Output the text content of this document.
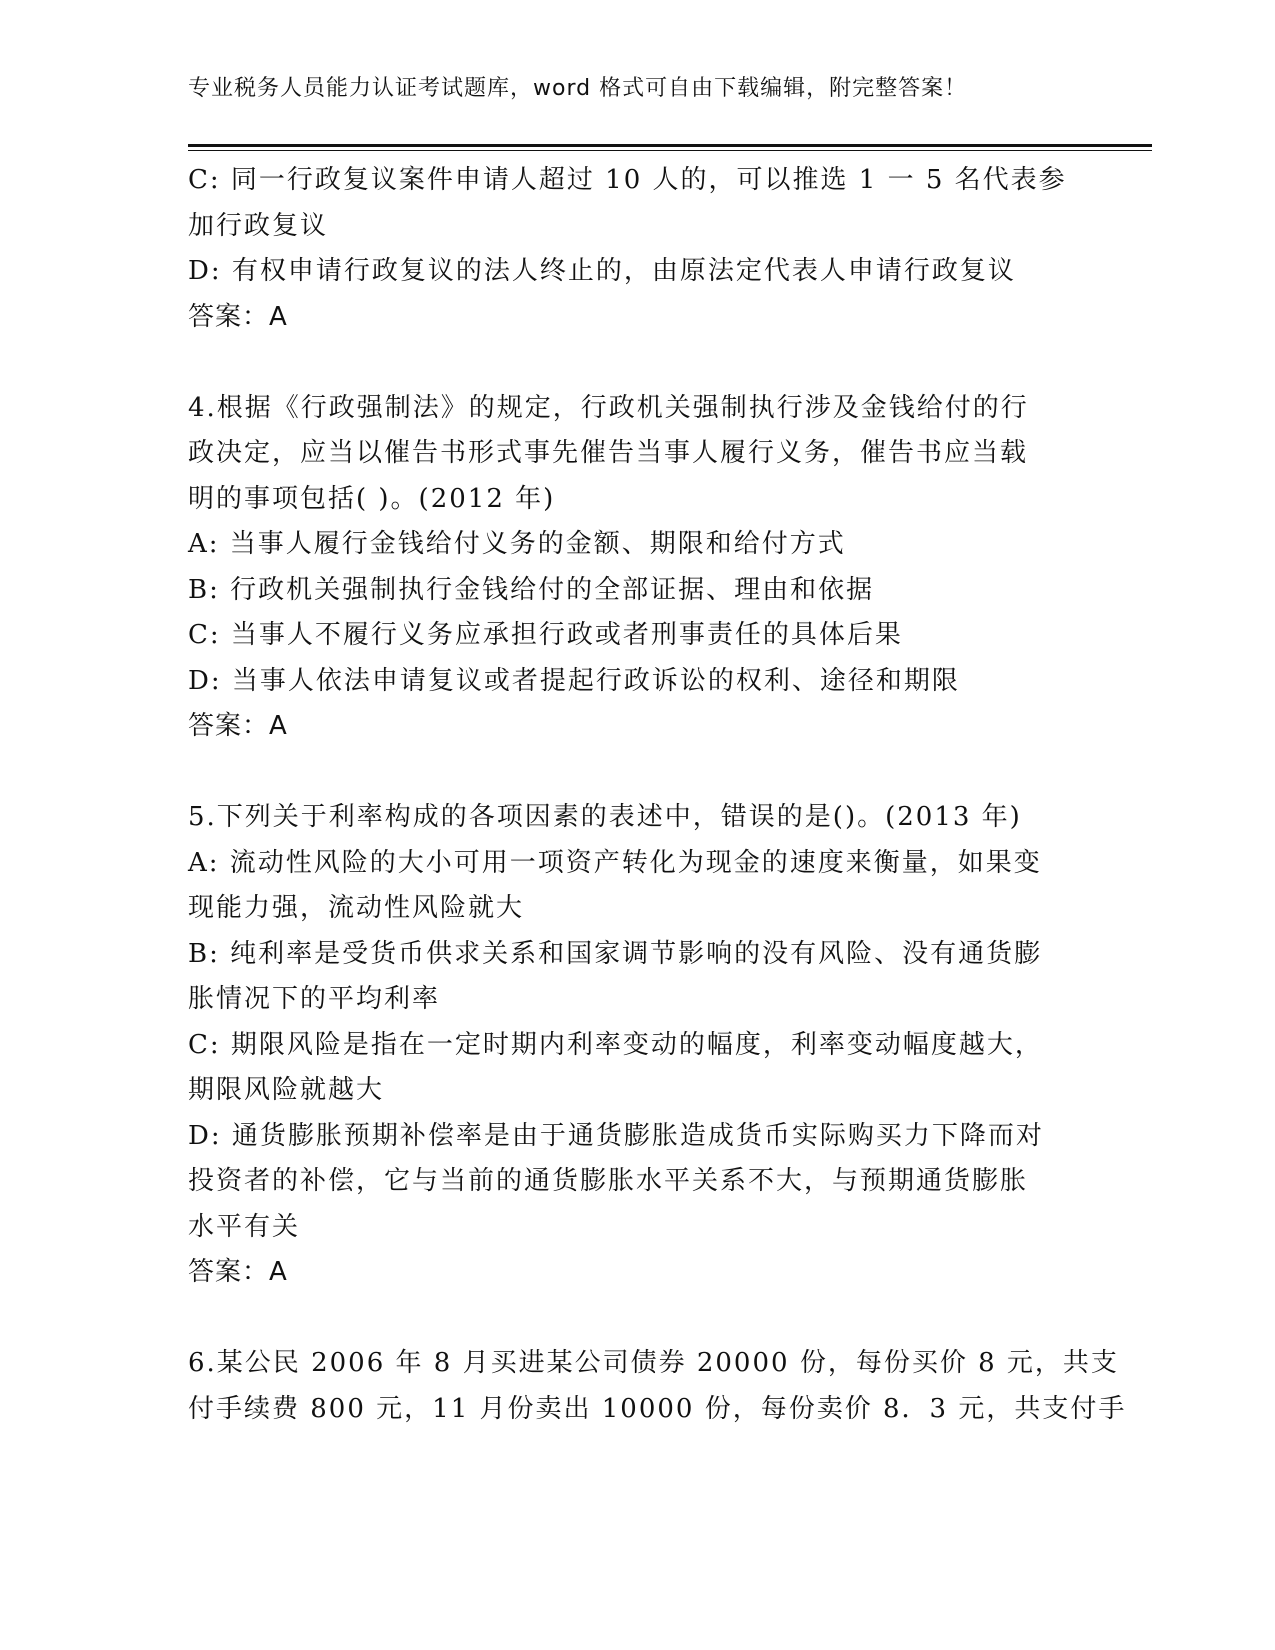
专业税务人员能力认证考试题库，word 格式可自由下载编辑，附完整答案！
C: 同一行政复议案件申请人超过 10 人的，可以推选 1 一 5 名代表参
加行政复议
D: 有权申请行政复议的法人终止的，由原法定代表人申请行政复议
答案：A
4.根据《行政强制法》的规定，行政机关强制执行涉及金钱给付的行
政决定，应当以催告书形式事先催告当事人履行义务，催告书应当载
明的事项包括( )。(2012 年)
A: 当事人履行金钱给付义务的金额、期限和给付方式
B: 行政机关强制执行金钱给付的全部证据、理由和依据
C: 当事人不履行义务应承担行政或者刑事责任的具体后果
D: 当事人依法申请复议或者提起行政诉讼的权利、途径和期限
答案：A
5.下列关于利率构成的各项因素的表述中，错误的是()。(2013 年)
A: 流动性风险的大小可用一项资产转化为现金的速度来衡量，如果变
现能力强，流动性风险就大
B: 纯利率是受货币供求关系和国家调节影响的没有风险、没有通货膨
胀情况下的平均利率
C: 期限风险是指在一定时期内利率变动的幅度，利率变动幅度越大，
期限风险就越大
D: 通货膨胀预期补偿率是由于通货膨胀造成货币实际购买力下降而对
投资者的补偿，它与当前的通货膨胀水平关系不大，与预期通货膨胀
水平有关
答案：A
6.某公民 2006 年 8 月买进某公司债券 20000 份，每份买价 8 元，共支
付手续费 800 元，11 月份卖出 10000 份，每份卖价 8．3 元，共支付手
